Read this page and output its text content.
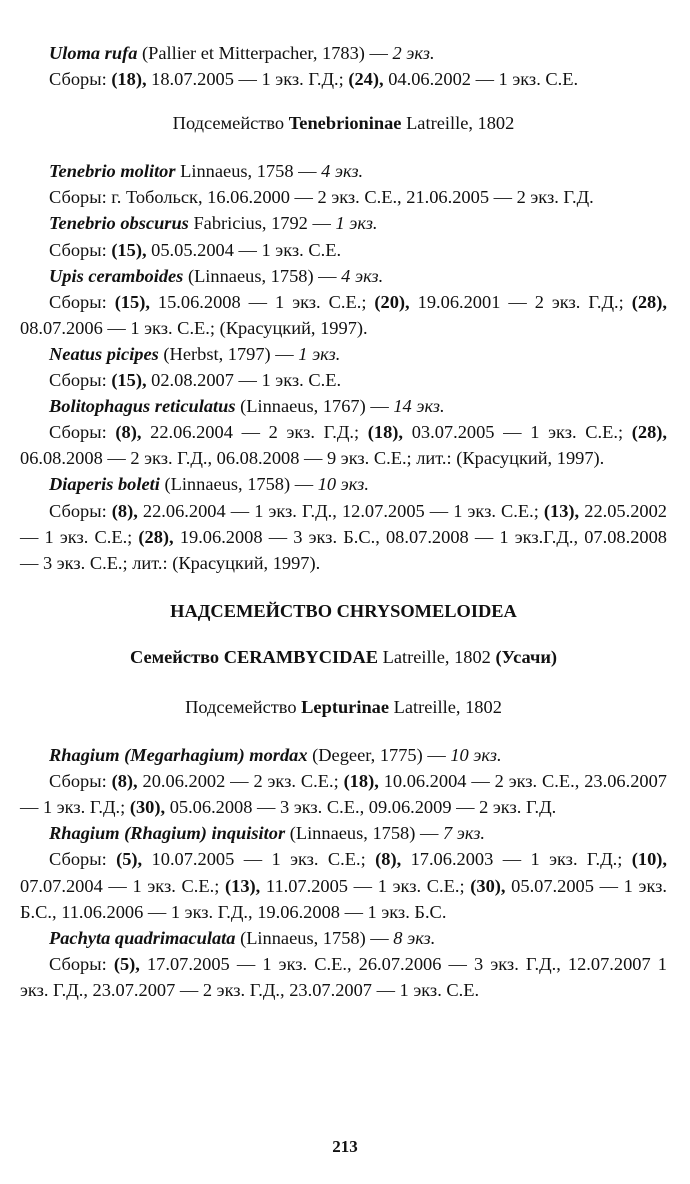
Uloma rufa (Pallier et Mitterpacher, 1783) — 2 экз.

Сборы: (18), 18.07.2005 — 1 экз. Г.Д.; (24), 04.06.2002 — 1 экз. С.Е.

Подсемейство Tenebrioninae Latreille, 1802

Tenebrio molitor Linnaeus, 1758 — 4 экз.

Сборы: г. Тобольск, 16.06.2000 — 2 экз. С.Е., 21.06.2005 — 2 экз. Г.Д.

Tenebrio obscurus Fabricius, 1792 — 1 экз.

Сборы: (15), 05.05.2004 — 1 экз. С.Е.

Upis ceramboides (Linnaeus, 1758) — 4 экз.

Сборы: (15), 15.06.2008 — 1 экз. С.Е.; (20), 19.06.2001 — 2 экз. Г.Д.; (28), 08.07.2006 — 1 экз. С.Е.; (Красуцкий, 1997).

Neatus picipes (Herbst, 1797) — 1 экз.

Сборы: (15), 02.08.2007 — 1 экз. С.Е.

Bolitophagus reticulatus (Linnaeus, 1767) — 14 экз.

Сборы: (8), 22.06.2004 — 2 экз. Г.Д.; (18), 03.07.2005 — 1 экз. С.Е.; (28), 06.08.2008 — 2 экз. Г.Д., 06.08.2008 — 9 экз. С.Е.; лит.: (Красуцкий, 1997).

Diaperis boleti (Linnaeus, 1758) — 10 экз.

Сборы: (8), 22.06.2004 — 1 экз. Г.Д., 12.07.2005 — 1 экз. С.Е.; (13), 22.05.2002 — 1 экз. С.Е.; (28), 19.06.2008 — 3 экз. Б.С., 08.07.2008 — 1 экз.Г.Д., 07.08.2008 — 3 экз. С.Е.; лит.: (Красуцкий, 1997).

НАДСЕМЕЙСТВО CHRYSOMELOIDEA

Семейство CERAMBYCIDAE Latreille, 1802 (Усачи)

Подсемейство Lepturinae Latreille, 1802

Rhagium (Megarhagium) mordax (Degeer, 1775) — 10 экз.

Сборы: (8), 20.06.2002 — 2 экз. С.Е.; (18), 10.06.2004 — 2 экз. С.Е., 23.06.2007 — 1 экз. Г.Д.; (30), 05.06.2008 — 3 экз. С.Е., 09.06.2009 — 2 экз. Г.Д.

Rhagium (Rhagium) inquisitor (Linnaeus, 1758) — 7 экз.

Сборы: (5), 10.07.2005 — 1 экз. С.Е.; (8), 17.06.2003 — 1 экз. Г.Д.; (10), 07.07.2004 — 1 экз. С.Е.; (13), 11.07.2005 — 1 экз. С.Е.; (30), 05.07.2005 — 1 экз. Б.С., 11.06.2006 — 1 экз. Г.Д., 19.06.2008 — 1 экз. Б.С.

Pachyta quadrimaculata (Linnaeus, 1758) — 8 экз.

Сборы: (5), 17.07.2005 — 1 экз. С.Е., 26.07.2006 — 3 экз. Г.Д., 12.07.2007 1 экз. Г.Д., 23.07.2007 — 2 экз. Г.Д., 23.07.2007 — 1 экз. С.Е.

213
